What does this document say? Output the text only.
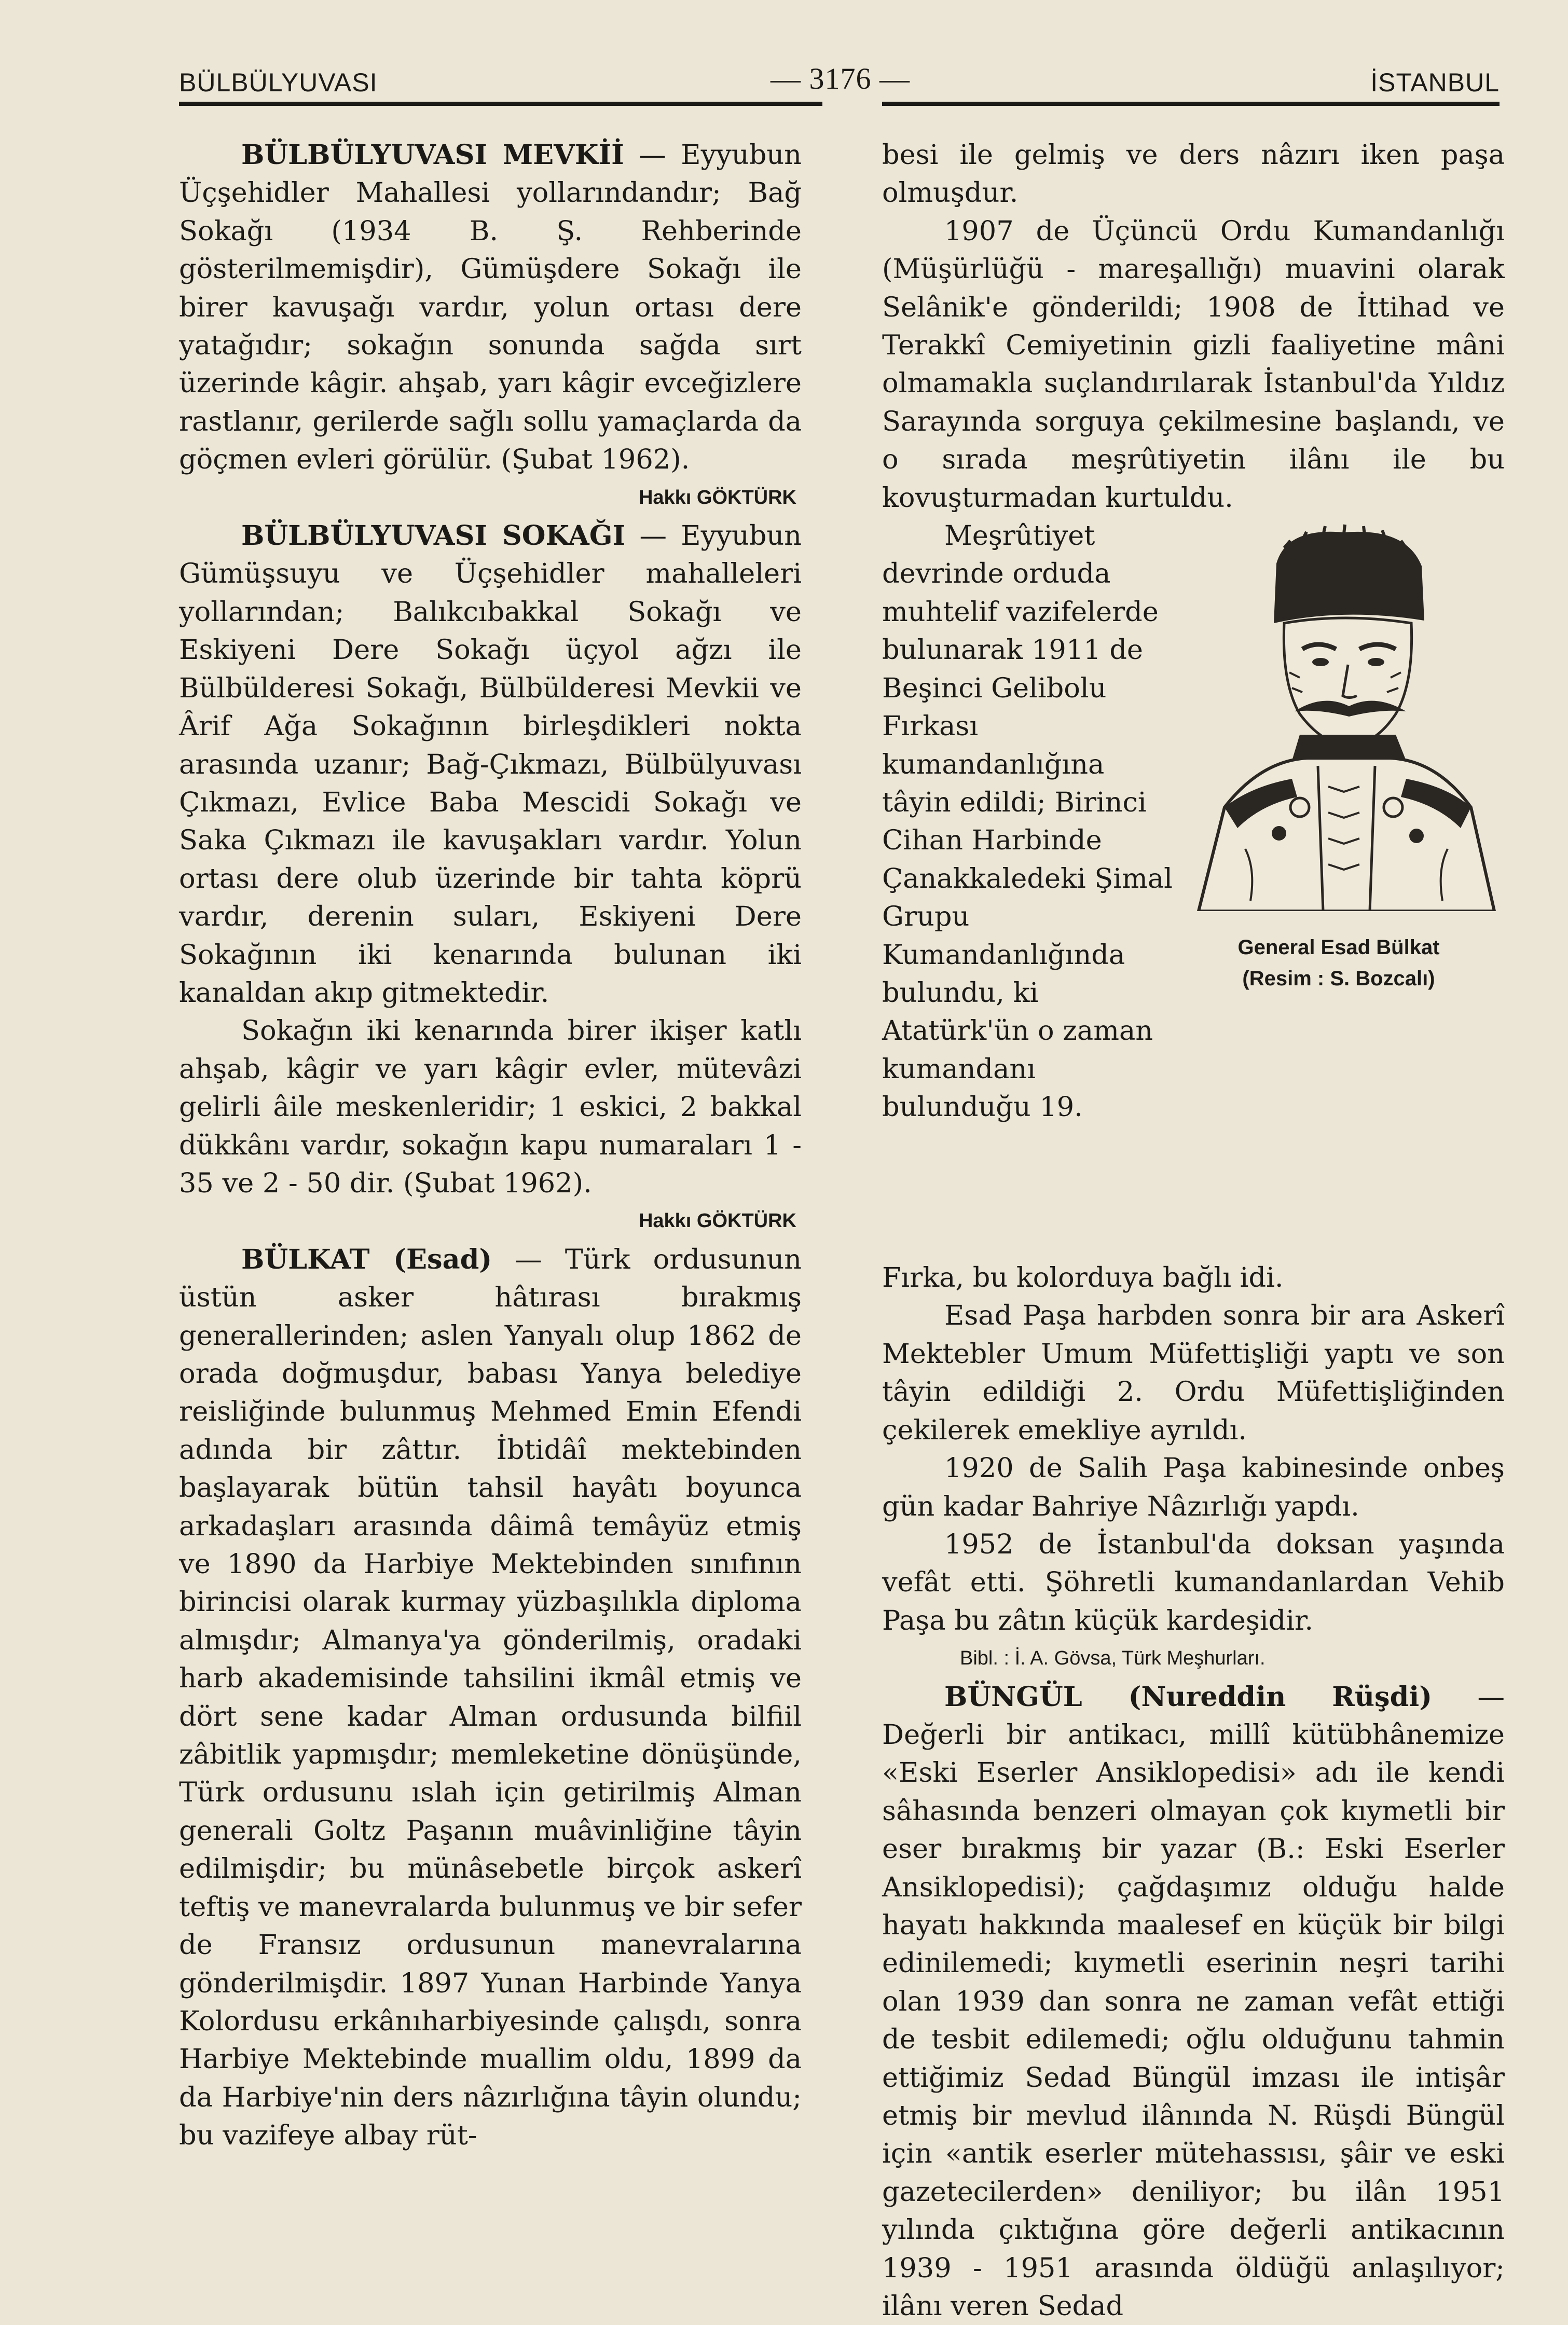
BÜLBÜLYUVASI	— 3176 —	İSTANBUL

BÜLBÜLYUVASI MEVKİİ — Eyyubun Üçşehidler Mahallesi yollarındandır; Bağ Sokağı (1934 B. Ş. Rehberinde gösterilmemişdir), Gümüşdere Sokağı ile birer kavuşağı vardır, yolun ortası dere yatağıdır; sokağın sonunda sağda sırt üzerinde kâgir. ahşab, yarı kâgir evceğizlere rastlanır, gerilerde sağlı sollu yamaçlarda da göçmen evleri görülür. (Şubat 1962).

Hakkı GÖKTÜRK

BÜLBÜLYUVASI SOKAĞI — Eyyubun Gümüşsuyu ve Üçşehidler mahalleleri yollarından; Balıkcıbakkal Sokağı ve Eskiyeni Dere Sokağı üçyol ağzı ile Bülbülderesi Sokağı, Bülbülderesi Mevkii ve Ârif Ağa Sokağının birleşdikleri nokta arasında uzanır; Bağ-Çıkmazı, Bülbülyuvası Çıkmazı, Evlice Baba Mescidi Sokağı ve Saka Çıkmazı ile kavuşakları vardır. Yolun ortası dere olub üzerinde bir tahta köprü vardır, derenin suları, Eskiyeni Dere Sokağının iki kenarında bulunan iki kanaldan akıp gitmektedir.

Sokağın iki kenarında birer ikişer katlı ahşab, kâgir ve yarı kâgir evler, mütevâzi gelirli âile meskenleridir; 1 eskici, 2 bakkal dükkânı vardır, sokağın kapu numaraları 1 - 35 ve 2 - 50 dir. (Şubat 1962).

Hakkı GÖKTÜRK

BÜLKAT (Esad) — Türk ordusunun üstün asker hâtırası bırakmış generallerinden; aslen Yanyalı olup 1862 de orada doğmuşdur, babası Yanya belediye reisliğinde bulunmuş Mehmed Emin Efendi adında bir zâttır. İbtidâî mektebinden başlayarak bütün tahsil hayâtı boyunca arkadaşları arasında dâimâ temâyüz etmiş ve 1890 da Harbiye Mektebinden sınıfının birincisi olarak kurmay yüzbaşılıkla diploma almışdır; Almanya'ya gönderilmiş, oradaki harb akademisinde tahsilini ikmâl etmiş ve dört sene kadar Alman ordusunda bilfiil zâbitlik yapmışdır; memleketine dönüşünde, Türk ordusunu ıslah için getirilmiş Alman generali Goltz Paşanın muâvinliğine tâyin edilmişdir; bu münâsebetle birçok askerî teftiş ve manevralarda bulunmuş ve bir sefer de Fransız ordusunun manevralarına gönderilmişdir. 1897 Yunan Harbinde Yanya Kolordusu erkânıharbiyesinde çalışdı, sonra Harbiye Mektebinde muallim oldu, 1899 da da Harbiye'nin ders nâzırlığına tâyin olundu; bu vazifeye albay rüt-

besi ile gelmiş ve ders nâzırı iken paşa olmuşdur.

1907 de Üçüncü Ordu Kumandanlığı (Müşürlüğü - mareşallığı) muavini olarak Selânik'e gönderildi; 1908 de İttihad ve Terakkî Cemiyetinin gizli faaliyetine mâni olmamakla suçlandırılarak İstanbul'da Yıldız Sarayında sorguya çekilmesine başlandı, ve o sırada meşrûtiyetin ilânı ile bu kovuşturmadan kurtuldu.

Meşrûtiyet devrinde orduda muhtelif vazifelerde bulunarak 1911 de Beşinci Gelibolu Fırkası kumandanlığına tâyin edildi; Birinci Cihan Harbinde Çanakkaledeki Şimal Grupu Kumandanlığında bulundu, ki Atatürk'ün o zaman kumandanı bulunduğu 19.

General Esad Bülkat
(Resim : S. Bozcalı)

Fırka, bu kolorduya bağlı idi.

Esad Paşa harbden sonra bir ara Askerî Mektebler Umum Müfettişliği yaptı ve son tâyin edildiği 2. Ordu Müfettişliğinden çekilerek emekliye ayrıldı.

1920 de Salih Paşa kabinesinde onbeş gün kadar Bahriye Nâzırlığı yapdı.

1952 de İstanbul'da doksan yaşında vefât etti. Şöhretli kumandanlardan Vehib Paşa bu zâtın küçük kardeşidir.

Bibl. : İ. A. Gövsa, Türk Meşhurları.

BÜNGÜL (Nureddin Rüşdi) — Değerli bir antikacı, millî kütübhânemize «Eski Eserler Ansiklopedisi» adı ile kendi sâhasında benzeri olmayan çok kıymetli bir eser bırakmış bir yazar (B.: Eski Eserler Ansiklopedisi); çağdaşımız olduğu halde hayatı hakkında maalesef en küçük bir bilgi edinilemedi; kıymetli eserinin neşri tarihi olan 1939 dan sonra ne zaman vefât ettiği de tesbit edilemedi; oğlu olduğunu tahmin ettiğimiz Sedad Büngül imzası ile intişâr etmiş bir mevlud ilânında N. Rüşdi Büngül için «antik eserler mütehassısı, şâir ve eski gazetecilerden» deniliyor; bu ilân 1951 yılında çıktığına göre değerli antikacının 1939 - 1951 arasında öldüğü anlaşılıyor; ilânı veren Sedad
